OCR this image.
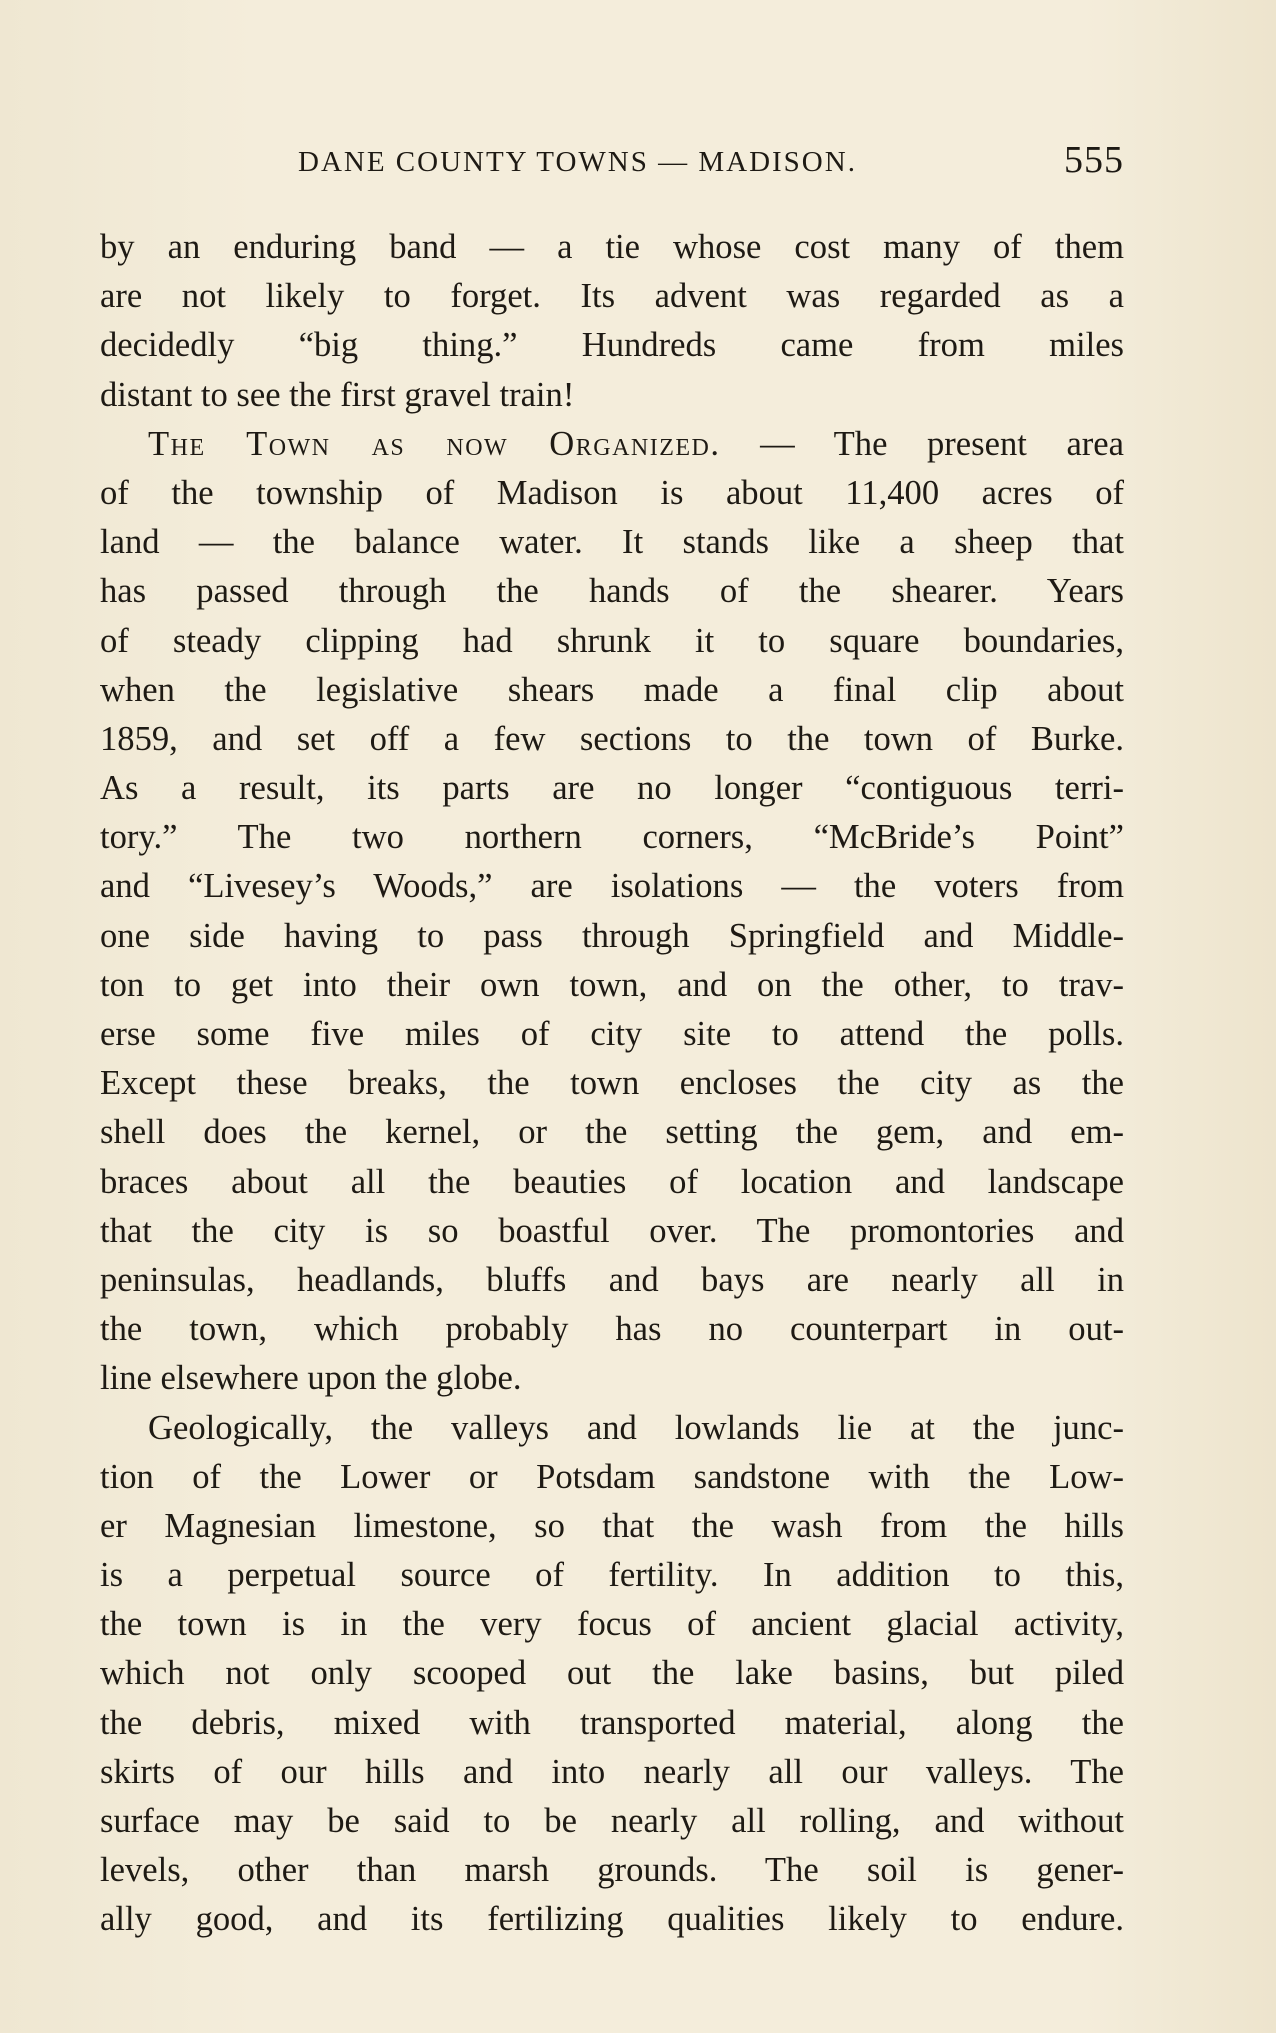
DANE COUNTY TOWNS — MADISON.	555
by an enduring band — a tie whose cost many of them
are not likely to forget. Its advent was regarded as a
decidedly “big thing.” Hundreds came from miles
distant to see the first gravel train!
The Town as now Organized. — The present area
of the township of Madison is about 11,400 acres of
land — the balance water. It stands like a sheep that
has passed through the hands of the shearer. Years
of steady clipping had shrunk it to square boundaries,
when the legislative shears made a final clip about
1859, and set off a few sections to the town of Burke.
As a result, its parts are no longer “contiguous terri-
tory.” The two northern corners, “McBride’s Point”
and “Livesey’s Woods,” are isolations — the voters from
one side having to pass through Springfield and Middle-
ton to get into their own town, and on the other, to trav-
erse some five miles of city site to attend the polls.
Except these breaks, the town encloses the city as the
shell does the kernel, or the setting the gem, and em-
braces about all the beauties of location and landscape
that the city is so boastful over. The promontories and
peninsulas, headlands, bluffs and bays are nearly all in
the town, which probably has no counterpart in out-
line elsewhere upon the globe.
Geologically, the valleys and lowlands lie at the junc-
tion of the Lower or Potsdam sandstone with the Low-
er Magnesian limestone, so that the wash from the hills
is a perpetual source of fertility. In addition to this,
the town is in the very focus of ancient glacial activity,
which not only scooped out the lake basins, but piled
the debris, mixed with transported material, along the
skirts of our hills and into nearly all our valleys. The
surface may be said to be nearly all rolling, and without
levels, other than marsh grounds. The soil is gener-
ally good, and its fertilizing qualities likely to endure.
